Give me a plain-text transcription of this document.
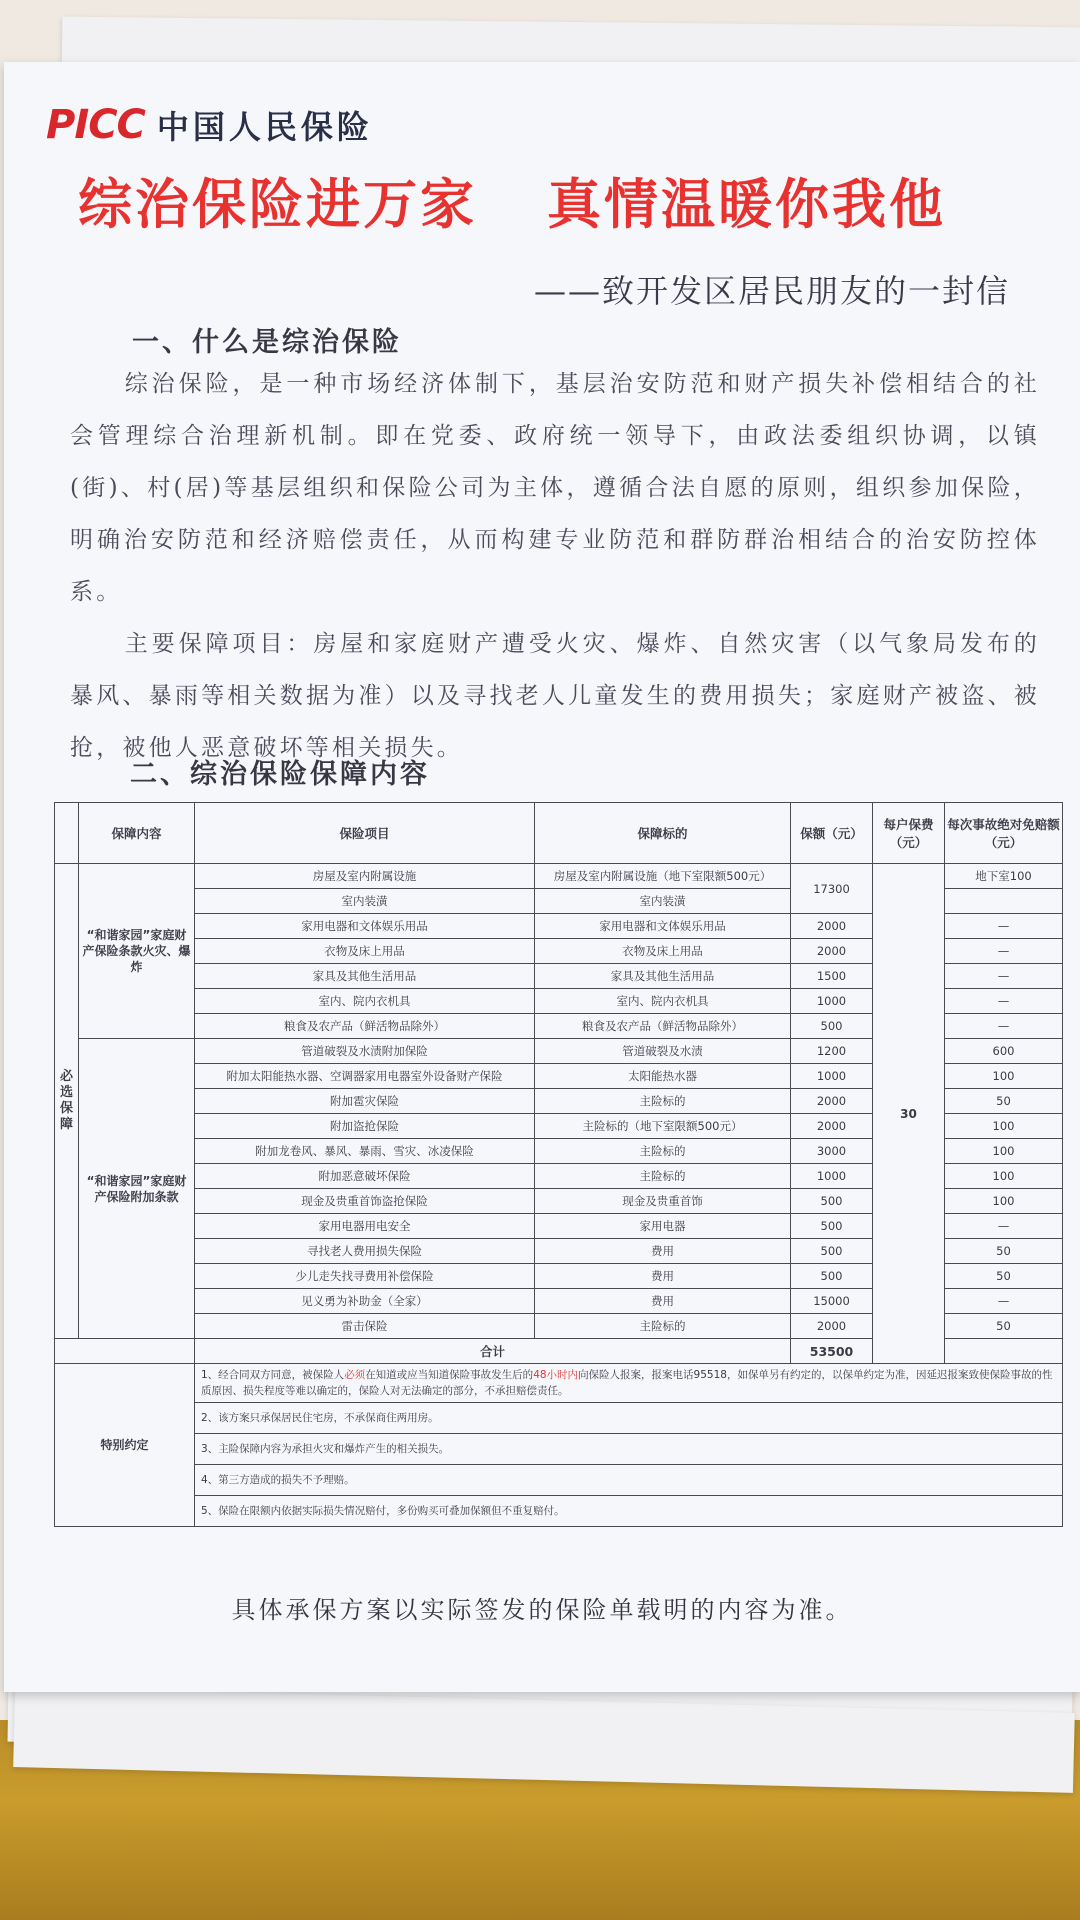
PICC 中国人民保险
综治保险进万家 真情温暖你我他
——致开发区居民朋友的一封信
一、什么是综治保险
综治保险，是一种市场经济体制下，基层治安防范和财产损失补偿相结合的社会管理综合治理新机制。即在党委、政府统一领导下，由政法委组织协调，以镇(街)、村(居)等基层组织和保险公司为主体，遵循合法自愿的原则，组织参加保险，明确治安防范和经济赔偿责任，从而构建专业防范和群防群治相结合的治安防控体系。
主要保障项目：房屋和家庭财产遭受火灾、爆炸、自然灾害（以气象局发布的暴风、暴雨等相关数据为准）以及寻找老人儿童发生的费用损失；家庭财产被盗、被抢，被他人恶意破坏等相关损失。
二、综治保险保障内容
	保障内容	保险项目	保障标的	保额（元）	每户保费（元）	每次事故绝对免赔额（元）
必选保障	“和谐家园”家庭财产保险条款火灾、爆炸	房屋及室内附属设施	房屋及室内附属设施（地下室限额500元）	17300	30	地下室100
		室内装潢	室内装潢			
		家用电器和文体娱乐用品	家用电器和文体娱乐用品	2000		—
		衣物及床上用品	衣物及床上用品	2000		—
		家具及其他生活用品	家具及其他生活用品	1500		—
		室内、院内衣机具	室内、院内衣机具	1000		—
		粮食及农产品（鲜活物品除外）	粮食及农产品（鲜活物品除外）	500		—
	“和谐家园”家庭财产保险附加条款	管道破裂及水渍附加保险	管道破裂及水渍	1200		600
		附加太阳能热水器、空调器家用电器室外设备财产保险	太阳能热水器	1000		100
		附加雹灾保险	主险标的	2000		50
		附加盗抢保险	主险标的（地下室限额500元）	2000		100
		附加龙卷风、暴风、暴雨、雪灾、冰凌保险	主险标的	3000		100
		附加恶意破坏保险	主险标的	1000		100
		现金及贵重首饰盗抢保险	现金及贵重首饰	500		100
		家用电器用电安全	家用电器	500		—
		寻找老人费用损失保险	费用	500		50
		少儿走失找寻费用补偿保险	费用	500		50
		见义勇为补助金（全家）	费用	15000		—
		雷击保险	主险标的	2000		50
		合计		53500		
特别约定		1、经合同双方同意，被保险人必须在知道或应当知道保险事故发生后的48小时内向保险人报案，报案电话95518，如保单另有约定的，以保单约定为准，因延迟报案致使保险事故的性质原因、损失程度等难以确定的，保险人对无法确定的部分，不承担赔偿责任。				
		2、该方案只承保居民住宅房，不承保商住两用房。				
		3、主险保障内容为承担火灾和爆炸产生的相关损失。				
		4、第三方造成的损失不予理赔。				
		5、保险在限额内依据实际损失情况赔付，多份购买可叠加保额但不重复赔付。				
具体承保方案以实际签发的保险单载明的内容为准。
